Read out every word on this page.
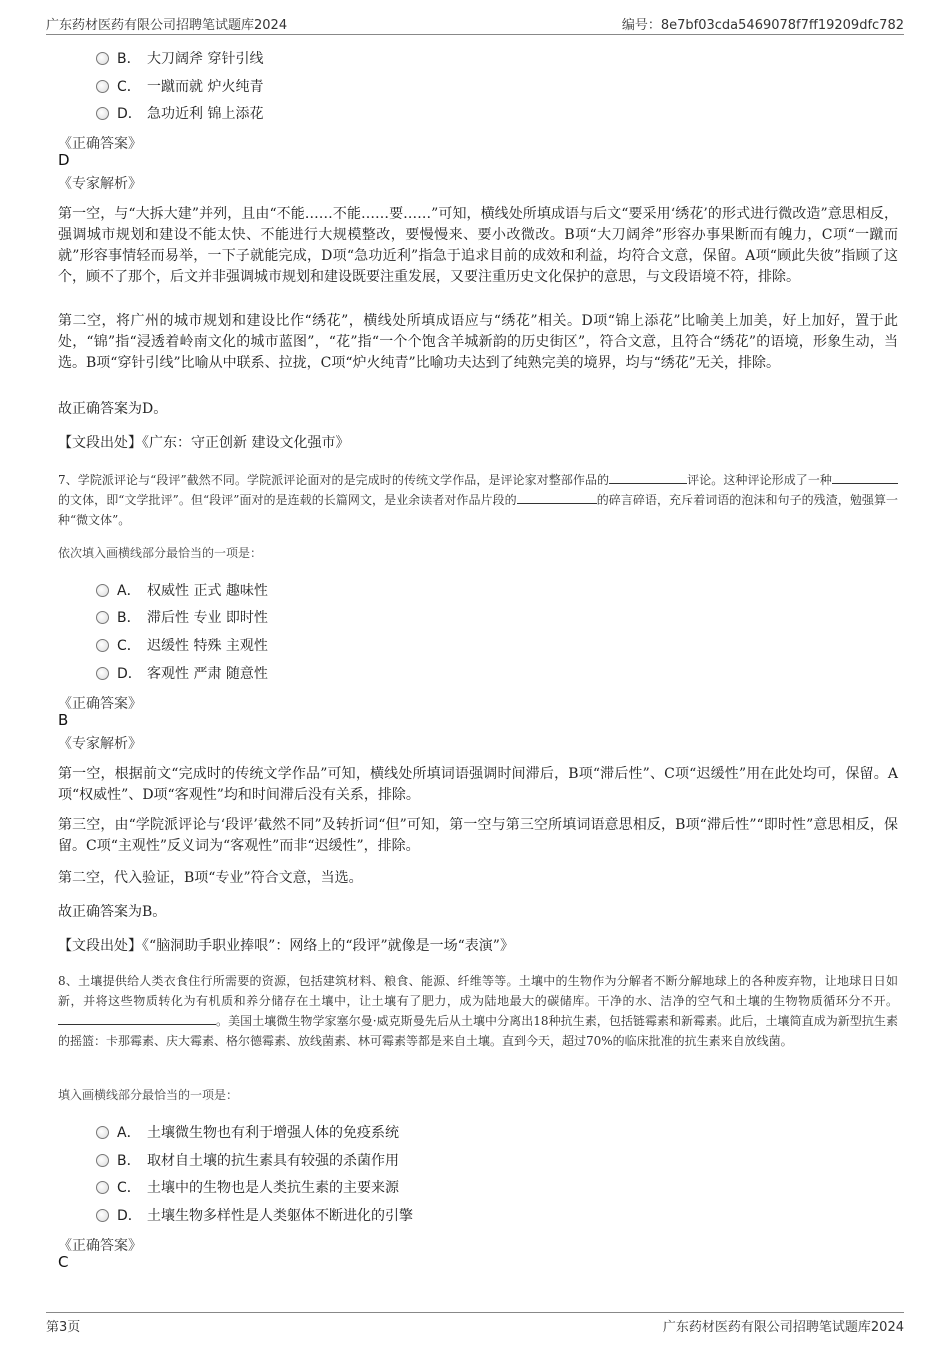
广东药材医药有限公司招聘笔试题库2024	编号：8e7bf03cda5469078f7ff19209dfc782
B． 大刀阔斧 穿针引线
C． 一蹴而就 炉火纯青
D． 急功近利 锦上添花
《正确答案》
D
《专家解析》
第一空，与“大拆大建”并列，且由“不能……不能……要……”可知，横线处所填成语与后文“要采用‘绣花’的形式进行微改造”意思相反，强调城市规划和建设不能太快、不能进行大规模整改，要慢慢来、要小改微改。B项“大刀阔斧”形容办事果断而有魄力，C项“一蹴而就”形容事情轻而易举，一下子就能完成，D项“急功近利”指急于追求目前的成效和利益，均符合文意，保留。A项“顾此失彼”指顾了这个，顾不了那个，后文并非强调城市规划和建设既要注重发展，又要注重历史文化保护的意思，与文段语境不符，排除。
第二空，将广州的城市规划和建设比作“绣花”，横线处所填成语应与“绣花”相关。D项“锦上添花”比喻美上加美，好上加好，置于此处，“锦”指“浸透着岭南文化的城市蓝图”，“花”指“一个个饱含羊城新韵的历史街区”，符合文意，且符合“绣花”的语境，形象生动，当选。B项“穿针引线”比喻从中联系、拉拢，C项“炉火纯青”比喻功夫达到了纯熟完美的境界，均与“绣花”无关，排除。
故正确答案为D。
【文段出处】《广东：守正创新 建设文化强市》
7、学院派评论与“段评”截然不同。学院派评论面对的是完成时的传统文学作品，是评论家对整部作品的	评论。这种评论形成了一种的文体，即“文学批评”。但“段评”面对的是连载的长篇网文，是业余读者对作品片段的	的碎言碎语，充斥着词语的泡沫和句子的残渣，勉强算一种“微文体”。
依次填入画横线部分最恰当的一项是：
A． 权威性 正式 趣味性
B． 滞后性 专业 即时性
C． 迟缓性 特殊 主观性
D． 客观性 严肃 随意性
《正确答案》
B
《专家解析》
第一空，根据前文“完成时的传统文学作品”可知，横线处所填词语强调时间滞后，B项“滞后性”、C项“迟缓性”用在此处均可，保留。A项“权威性”、D项“客观性”均和时间滞后没有关系，排除。
第三空，由“学院派评论与‘段评’截然不同”及转折词“但”可知，第一空与第三空所填词语意思相反，B项“滞后性”“即时性”意思相反，保留。C项“主观性”反义词为“客观性”而非“迟缓性”，排除。
第二空，代入验证，B项“专业”符合文意，当选。
故正确答案为B。
【文段出处】《“脑洞助手职业捧哏”：网络上的“段评”就像是一场“表演”》
8、土壤提供给人类衣食住行所需要的资源，包括建筑材料、粮食、能源、纤维等等。土壤中的生物作为分解者不断分解地球上的各种废弃物，让地球日日如新，并将这些物质转化为有机质和养分储存在土壤中，让土壤有了肥力，成为陆地最大的碳储库。干净的水、洁净的空气和土壤的生物物质循环分不开。。美国土壤微生物学家塞尔曼·威克斯曼先后从土壤中分离出18种抗生素，包括链霉素和新霉素。此后，土壤简直成为新型抗生素的摇篮：卡那霉素、庆大霉素、格尔德霉素、放线菌素、林可霉素等都是来自土壤。直到今天，超过70%的临床批准的抗生素来自放线菌。
填入画横线部分最恰当的一项是：
A． 土壤微生物也有利于增强人体的免疫系统
B． 取材自土壤的抗生素具有较强的杀菌作用
C． 土壤中的生物也是人类抗生素的主要来源
D． 土壤生物多样性是人类躯体不断进化的引擎
《正确答案》
C
第3页	广东药材医药有限公司招聘笔试题库2024
